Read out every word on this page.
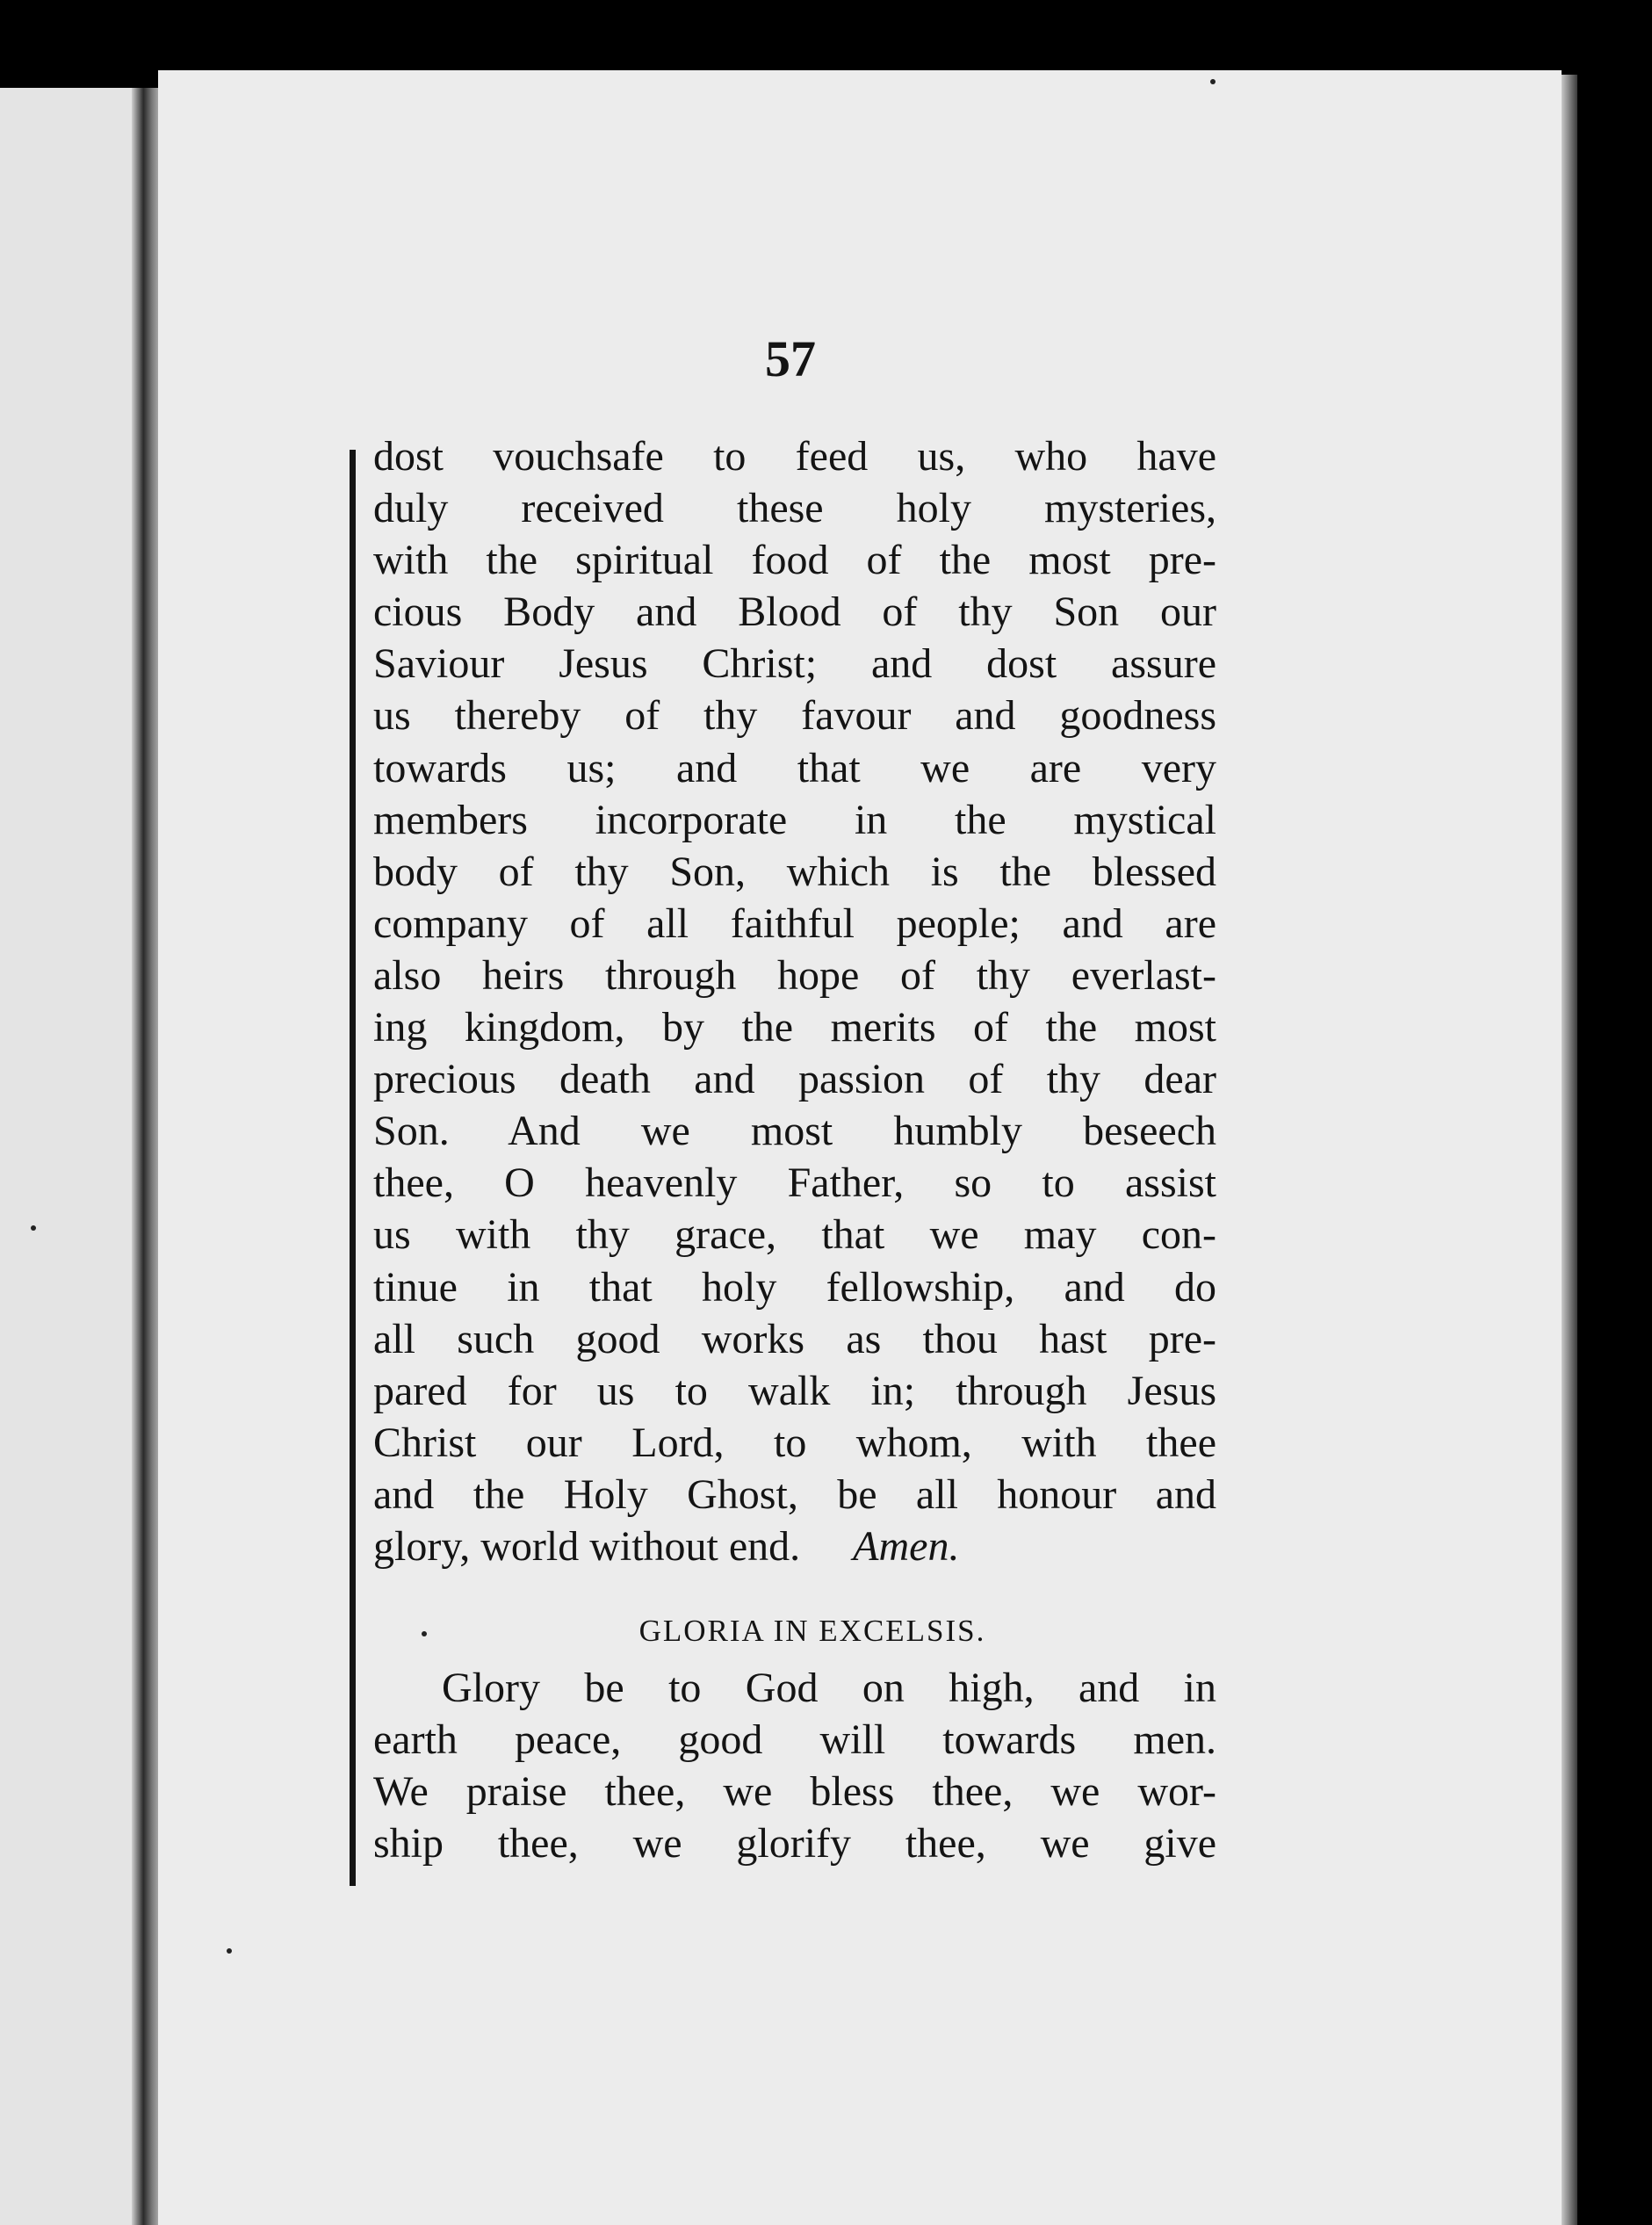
57
dost vouchsafe to feed us, who have
duly received these holy mysteries,
with the spiritual food of the most pre-
cious Body and Blood of thy Son our
Saviour Jesus Christ; and dost assure
us thereby of thy favour and goodness
towards us; and that we are very
members incorporate in the mystical
body of thy Son, which is the blessed
company of all faithful people; and are
also heirs through hope of thy everlast-
ing kingdom, by the merits of the most
precious death and passion of thy dear
Son. And we most humbly beseech
thee, O heavenly Father, so to assist
us with thy grace, that we may con-
tinue in that holy fellowship, and do
all such good works as thou hast pre-
pared for us to walk in; through Jesus
Christ our Lord, to whom, with thee
and the Holy Ghost, be all honour and
glory, world without end. Amen.
GLORIA IN EXCELSIS.
Glory be to God on high, and in
earth peace, good will towards men.
We praise thee, we bless thee, we wor-
ship thee, we glorify thee, we give
